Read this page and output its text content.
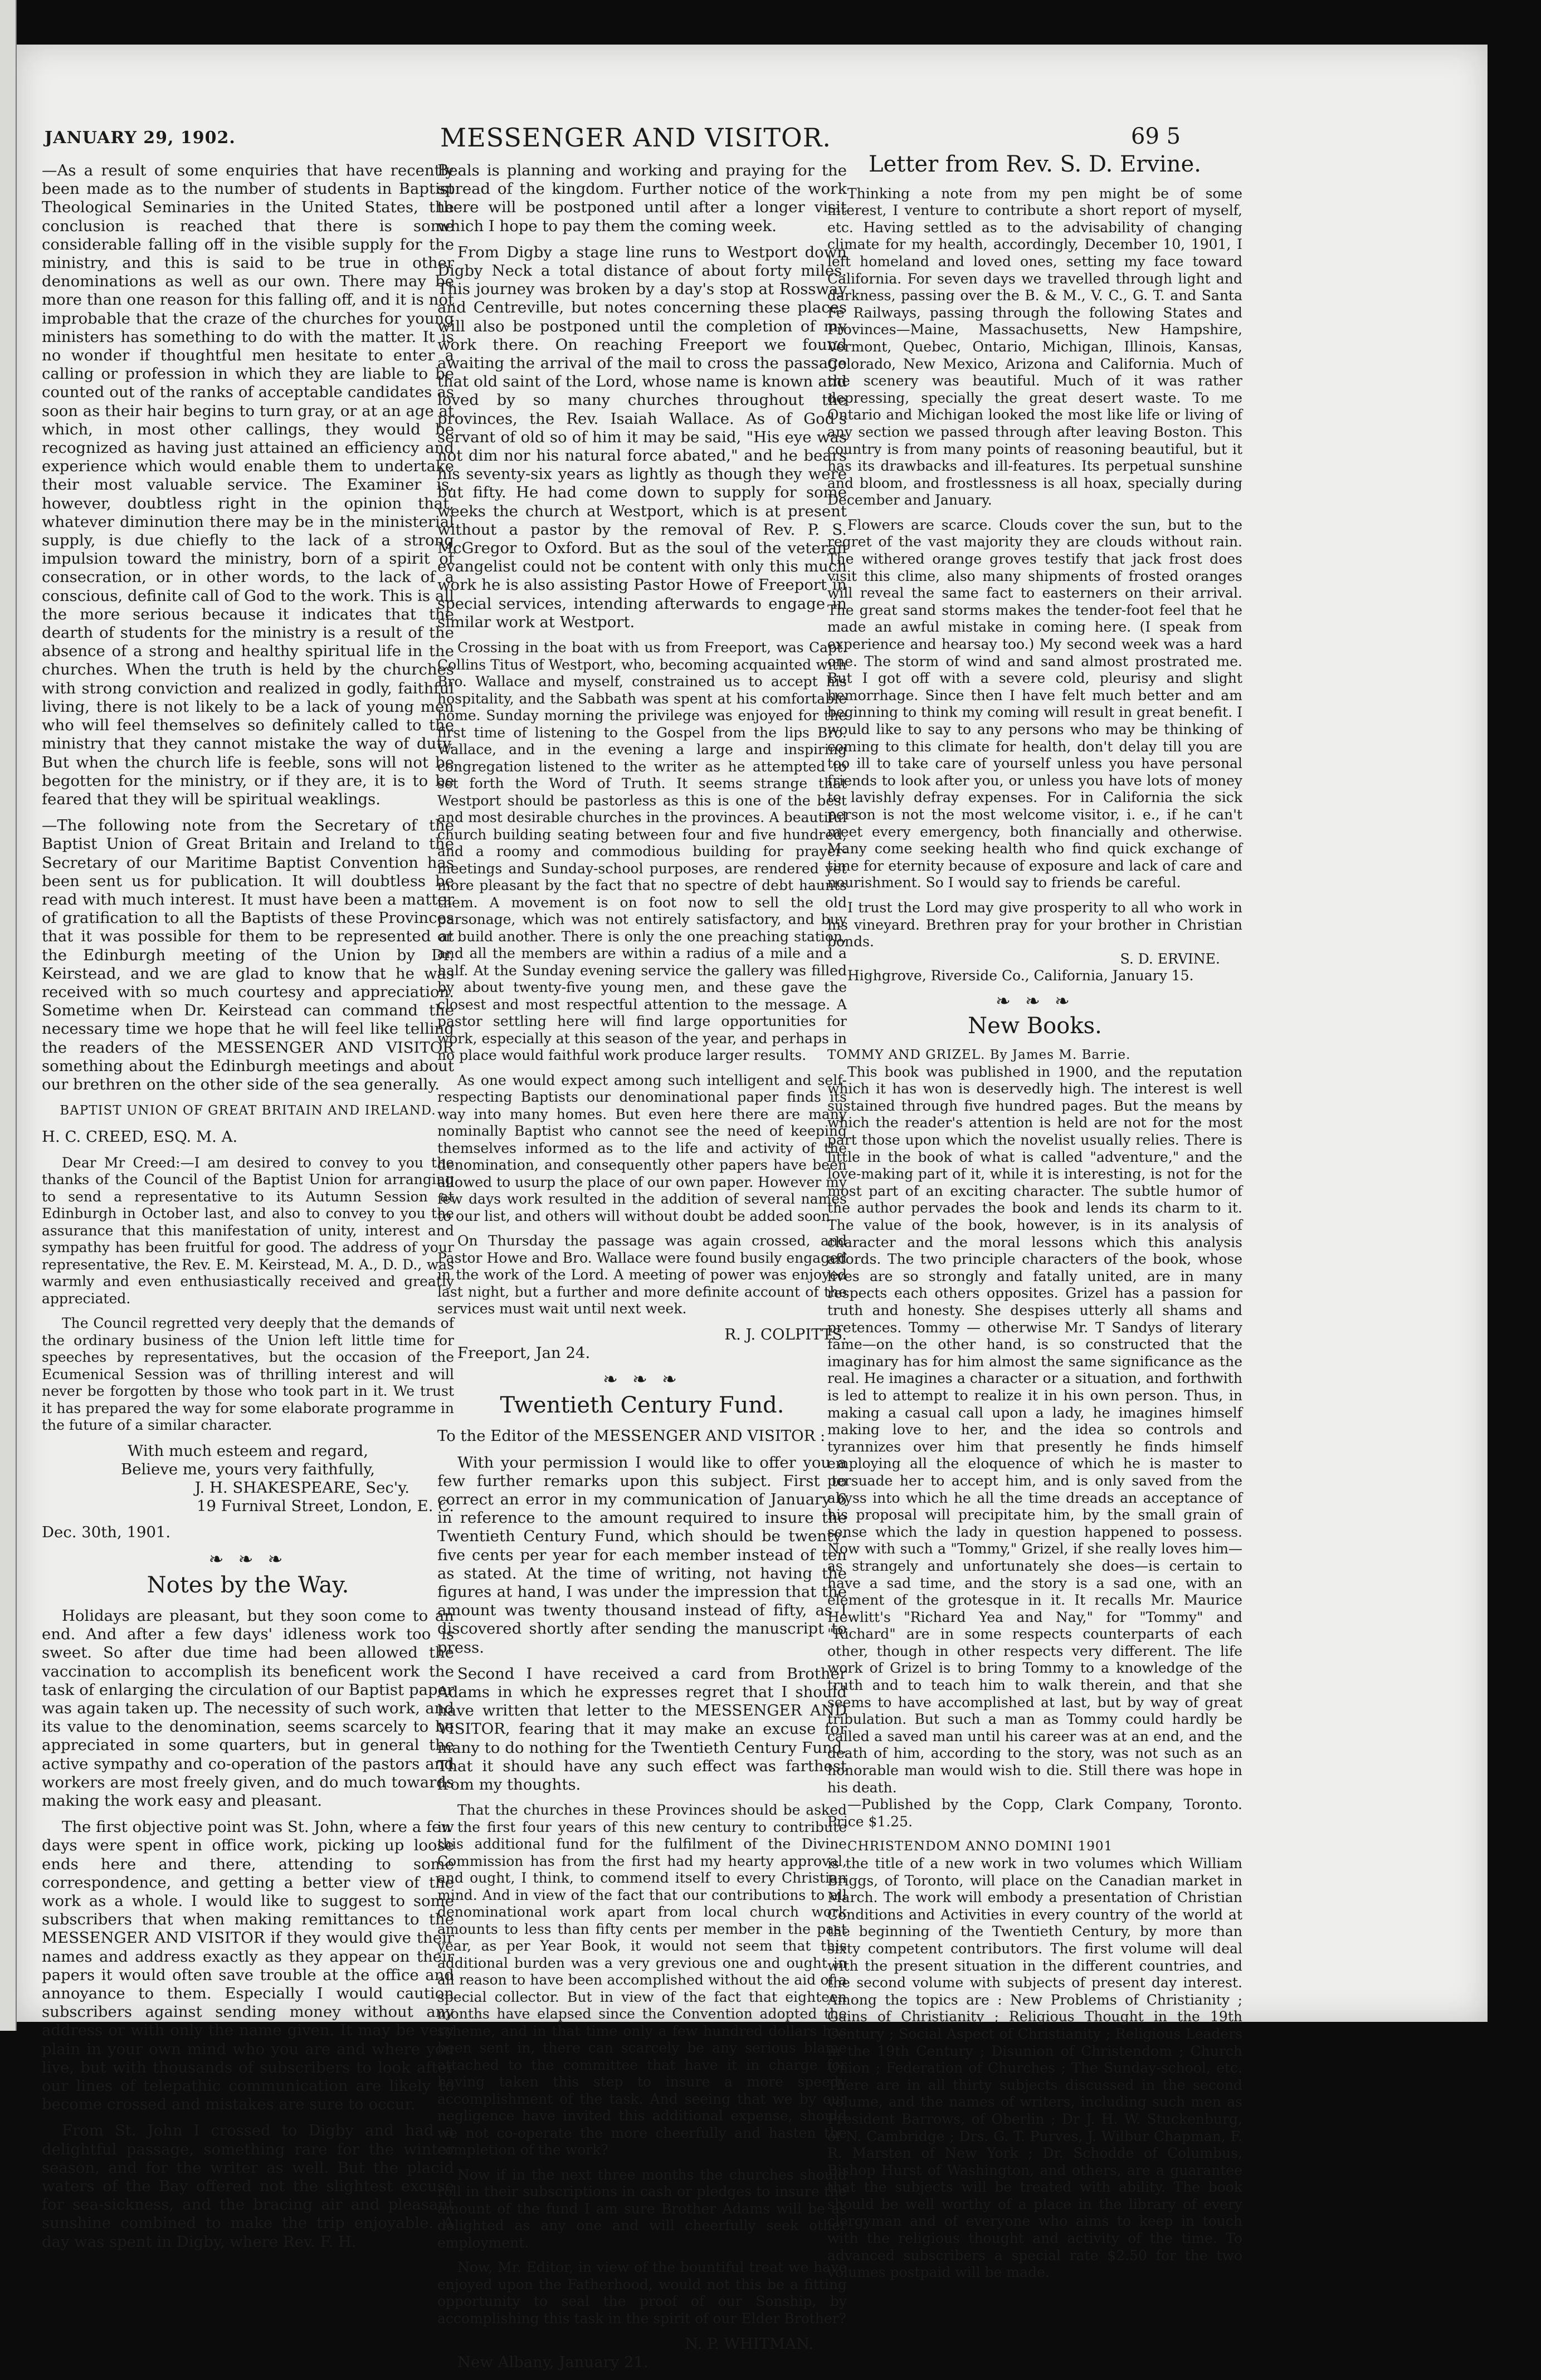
JANUARY 29, 1902.	MESSENGER AND VISITOR.	69 5

—As a result of some enquiries that have recently been made as to the number of students in Baptist Theological Seminaries in the United States, the conclusion is reached that there is some considerable falling off in the visible supply for the ministry, and this is said to be true in other denominations as well as our own. There may be more than one reason for this falling off, and it is not improbable that the craze of the churches for young ministers has something to do with the matter. It is no wonder if thoughtful men hesitate to enter a calling or profession in which they are liable to be counted out of the ranks of acceptable candidates as soon as their hair begins to turn gray, or at an age at which, in most other callings, they would be recognized as having just attained an efficiency and experience which would enable them to undertake their most valuable service. The Examiner is, however, doubtless right in the opinion that, whatever diminution there may be in the ministerial supply, is due chiefly to the lack of a strong impulsion toward the ministry, born of a spirit of consecration, or in other words, to the lack of a conscious, definite call of God to the work. This is all the more serious because it indicates that the dearth of students for the ministry is a result of the absence of a strong and healthy spiritual life in the churches. When the truth is held by the churches with strong conviction and realized in godly, faithful living, there is not likely to be a lack of young men who will feel themselves so definitely called to the ministry that they cannot mistake the way of duty. But when the church life is feeble, sons will not be begotten for the ministry, or if they are, it is to be feared that they will be spiritual weaklings.

—The following note from the Secretary of the Baptist Union of Great Britain and Ireland to the Secretary of our Maritime Baptist Convention has been sent us for publication. It will doubtless be read with much interest. It must have been a matter of gratification to all the Baptists of these Provinces that it was possible for them to be represented at the Edinburgh meeting of the Union by Dr. Keirstead, and we are glad to know that he was received with so much courtesy and appreciation. Sometime when Dr. Keirstead can command the necessary time we hope that he will feel like telling the readers of the MESSENGER AND VISITOR something about the Edinburgh meetings and about our brethren on the other side of the sea generally.

BAPTIST UNION OF GREAT BRITAIN AND IRELAND.

H. C. CREED, ESQ. M. A.

Dear Mr Creed:—I am desired to convey to you the thanks of the Council of the Baptist Union for arranging to send a representative to its Autumn Session at Edinburgh in October last, and also to convey to you the assurance that this manifestation of unity, interest and sympathy has been fruitful for good. The address of your representative, the Rev. E. M. Keirstead, M. A., D. D., was warmly and even enthusiastically received and greatly appreciated.

The Council regretted very deeply that the demands of the ordinary business of the Union left little time for speeches by representatives, but the occasion of the Ecumenical Session was of thrilling interest and will never be forgotten by those who took part in it. We trust it has prepared the way for some elaborate programme in the future of a similar character.

With much esteem and regard,

Believe me, yours very faithfully,

J. H. SHAKESPEARE, Sec'y.

19 Furnival Street, London, E. C.

Dec. 30th, 1901.

❧ ❧ ❧
Notes by the Way.

Holidays are pleasant, but they soon come to an end. And after a few days' idleness work too is sweet. So after due time had been allowed the vaccination to accomplish its beneficent work the task of enlarging the circulation of our Baptist paper was again taken up. The necessity of such work, and its value to the denomination, seems scarcely to be appreciated in some quarters, but in general the active sympathy and co-operation of the pastors and workers are most freely given, and do much towards making the work easy and pleasant.

The first objective point was St. John, where a few days were spent in office work, picking up loose ends here and there, attending to some correspondence, and getting a better view of the work as a whole. I would like to suggest to some subscribers that when making remittances to the MESSENGER AND VISITOR if they would give their names and address exactly as they appear on their papers it would often save trouble at the office and annoyance to them. Especially I would caution subscribers against sending money without any address or with only the name given. It may be very plain in your own mind who you are and where you live, but with thousands of subscribers to look after our lines of telepathic communication are likely to become crossed and mistakes are sure to occur.

From St. John I crossed to Digby and had a delightful passage, something rare for the winter season, and for the writer as well. But the placid waters of the Bay offered not the slightest excuse for sea-sickness, and the bracing air and pleasant sunshine combined to make the trip enjoyable. A day was spent in Digby, where Rev. F. H.

Beals is planning and working and praying for the spread of the kingdom. Further notice of the work there will be postponed until after a longer visit which I hope to pay them the coming week.

From Digby a stage line runs to Westport down Digby Neck a total distance of about forty miles. This journey was broken by a day's stop at Rossway and Centreville, but notes concerning these places will also be postponed until the completion of my work there. On reaching Freeport we found awaiting the arrival of the mail to cross the passage that old saint of the Lord, whose name is known and loved by so many churches throughout the provinces, the Rev. Isaiah Wallace. As of God's servant of old so of him it may be said, "His eye was not dim nor his natural force abated," and he bears his seventy-six years as lightly as though they were but fifty. He had come down to supply for some weeks the church at Westport, which is at present without a pastor by the removal of Rev. P. S. McGregor to Oxford. But as the soul of the veteran evangelist could not be content with only this much work he is also assisting Pastor Howe of Freeport in special services, intending afterwards to engage in similar work at Westport.

Crossing in the boat with us from Freeport, was Capt. Collins Titus of Westport, who, becoming acquainted with Bro. Wallace and myself, constrained us to accept his hospitality, and the Sabbath was spent at his comfortable home. Sunday morning the privilege was enjoyed for the first time of listening to the Gospel from the lips Bro. Wallace, and in the evening a large and inspiring congregation listened to the writer as he attempted to set forth the Word of Truth. It seems strange that Westport should be pastorless as this is one of the best and most desirable churches in the provinces. A beautiful church building seating between four and five hundred, and a roomy and commodious building for prayer-meetings and Sunday-school purposes, are rendered yet more pleasant by the fact that no spectre of debt haunts them. A movement is on foot now to sell the old parsonage, which was not entirely satisfactory, and buy or build another. There is only the one preaching station, and all the members are within a radius of a mile and a half. At the Sunday evening service the gallery was filled by about twenty-five young men, and these gave the closest and most respectful attention to the message. A pastor settling here will find large opportunities for work, especially at this season of the year, and perhaps in no place would faithful work produce larger results.

As one would expect among such intelligent and self-respecting Baptists our denominational paper finds its way into many homes. But even here there are many nominally Baptist who cannot see the need of keeping themselves informed as to the life and activity of the denomination, and consequently other papers have been allowed to usurp the place of our own paper. However my few days work resulted in the addition of several names to our list, and others will without doubt be added soon.

On Thursday the passage was again crossed, and Pastor Howe and Bro. Wallace were found busily engaged in the work of the Lord. A meeting of power was enjoyed last night, but a further and more definite account of the services must wait until next week.

R. J. COLPITTS.

Freeport, Jan 24.

❧ ❧ ❧
Twentieth Century Fund.

To the Editor of the MESSENGER AND VISITOR :

With your permission I would like to offer you a few further remarks upon this subject. First to correct an error in my communication of January 6 in reference to the amount required to insure the Twentieth Century Fund, which should be twenty-five cents per year for each member instead of ten as stated. At the time of writing, not having the figures at hand, I was under the impression that the amount was twenty thousand instead of fifty, as I discovered shortly after sending the manuscript to press.

Second I have received a card from Brother Adams in which he expresses regret that I should have written that letter to the MESSENGER AND VISITOR, fearing that it may make an excuse for many to do nothing for the Twentieth Century Fund. That it should have any such effect was farthest from my thoughts.

That the churches in these Provinces should be asked in the first four years of this new century to contribute this additional fund for the fulfilment of the Divine Commission has from the first had my hearty approval, and ought, I think, to commend itself to every Christian mind. And in view of the fact that our contributions to all denominational work apart from local church work amounts to less than fifty cents per member in the past year, as per Year Book, it would not seem that this additional burden was a very grevious one and ought in all reason to have been accomplished without the aid of a special collector. But in view of the fact that eighteen months have elapsed since the Convention adopted the scheme, and in that time only a few hundred dollars has been sent in, there can scarcely be any serious blame attached to the committee that have it in charge for having taken this step to insure a more speedy accomplishment of the task. And seeing that we by our negligence have invited this additional expense, should we not co-operate the more cheerfully and hasten the completion of the work?

Now if in the next three months the churches should roll in their subscriptions in cash or pledges to insure the amount of the fund I am sure Brother Adams will be as delighted as any one and will cheerfully seek other employment.

Now, Mr. Editor, in view of the bountiful treat we have enjoyed upon the Fatherhood, would not this be a fitting opportunity to seal the proof of our Sonship, by accomplishing this task in the spirit of our Elder Brother?

N. P. WHITMAN.

New Albany, January 21.

Letter from Rev. S. D. Ervine.

Thinking a note from my pen might be of some interest, I venture to contribute a short report of myself, etc. Having settled as to the advisability of changing climate for my health, accordingly, December 10, 1901, I left homeland and loved ones, setting my face toward California. For seven days we travelled through light and darkness, passing over the B. & M., V. C., G. T. and Santa Fe Railways, passing through the following States and Provinces—Maine, Massachusetts, New Hampshire, Vermont, Quebec, Ontario, Michigan, Illinois, Kansas, Colorado, New Mexico, Arizona and California. Much of the scenery was beautiful. Much of it was rather depressing, specially the great desert waste. To me Ontario and Michigan looked the most like life or living of any section we passed through after leaving Boston. This country is from many points of reasoning beautiful, but it has its drawbacks and ill-features. Its perpetual sunshine and bloom, and frostlessness is all hoax, specially during December and January.

Flowers are scarce. Clouds cover the sun, but to the regret of the vast majority they are clouds without rain. The withered orange groves testify that jack frost does visit this clime, also many shipments of frosted oranges will reveal the same fact to easterners on their arrival. The great sand storms makes the tender-foot feel that he made an awful mistake in coming here. (I speak from experience and hearsay too.) My second week was a hard one. The storm of wind and sand almost prostrated me. But I got off with a severe cold, pleurisy and slight hemorrhage. Since then I have felt much better and am beginning to think my coming will result in great benefit. I would like to say to any persons who may be thinking of coming to this climate for health, don't delay till you are too ill to take care of yourself unless you have personal friends to look after you, or unless you have lots of money to lavishly defray expenses. For in California the sick person is not the most welcome visitor, i. e., if he can't meet every emergency, both financially and otherwise. Many come seeking health who find quick exchange of time for eternity because of exposure and lack of care and nourishment. So I would say to friends be careful.

I trust the Lord may give prosperity to all who work in his vineyard. Brethren pray for your brother in Christian bonds.

S. D. ERVINE.

Highgrove, Riverside Co., California, January 15.

❧ ❧ ❧
New Books.

TOMMY AND GRIZEL. By James M. Barrie.

This book was published in 1900, and the reputation which it has won is deservedly high. The interest is well sustained through five hundred pages. But the means by which the reader's attention is held are not for the most part those upon which the novelist usually relies. There is little in the book of what is called "adventure," and the love-making part of it, while it is interesting, is not for the most part of an exciting character. The subtle humor of the author pervades the book and lends its charm to it. The value of the book, however, is in its analysis of character and the moral lessons which this analysis affords. The two principle characters of the book, whose lives are so strongly and fatally united, are in many respects each others opposites. Grizel has a passion for truth and honesty. She despises utterly all shams and pretences. Tommy — otherwise Mr. T Sandys of literary fame—on the other hand, is so constructed that the imaginary has for him almost the same significance as the real. He imagines a character or a situation, and forthwith is led to attempt to realize it in his own person. Thus, in making a casual call upon a lady, he imagines himself making love to her, and the idea so controls and tyrannizes over him that presently he finds himself employing all the eloquence of which he is master to persuade her to accept him, and is only saved from the abyss into which he all the time dreads an acceptance of his proposal will precipitate him, by the small grain of sense which the lady in question happened to possess. Now with such a "Tommy," Grizel, if she really loves him—as strangely and unfortunately she does—is certain to have a sad time, and the story is a sad one, with an element of the grotesque in it. It recalls Mr. Maurice Hewlitt's "Richard Yea and Nay," for "Tommy" and "Richard" are in some respects counterparts of each other, though in other respects very different. The life work of Grizel is to bring Tommy to a knowledge of the truth and to teach him to walk therein, and that she seems to have accomplished at last, but by way of great tribulation. But such a man as Tommy could hardly be called a saved man until his career was at an end, and the death of him, according to the story, was not such as an honorable man would wish to die. Still there was hope in his death.

—Published by the Copp, Clark Company, Toronto. Price $1.25.

CHRISTENDOM ANNO DOMINI 1901

is the title of a new work in two volumes which William Briggs, of Toronto, will place on the Canadian market in March. The work will embody a presentation of Christian Conditions and Activities in every country of the world at the beginning of the Twentieth Century, by more than sixty competent contributors. The first volume will deal with the present situation in the different countries, and the second volume with subjects of present day interest. Among the topics are : New Problems of Christianity ; Gains of Christianity ; Religious Thought in the 19th Century ; Social Aspect of Christianity ; Religious Leaders in the 19th Century ; Disunion of Christendom ; Church Union ; Federation of Churches ; The Sunday-school, etc. There are in all thirty subjects discussed in the second volume, and the names of writers, including such men as President Barrows, of Oberlin ; Dr J. H. W. Stuckenburg, of N. Cambridge ; Drs. G. T. Purves, J. Wilbur Chapman, F. R. Marsten of New York ; Dr. Schodde of Columbus, Bishop Hurst of Washington, and others, are a guarantee that the subjects will be treated with ability. The book should be well worthy of a place in the library of every clergyman and of everyone who aims to keep in touch with the religious thought and activity of the time. To advanced subscribers a special rate $2.50 for the two volumes postpaid will be made.
